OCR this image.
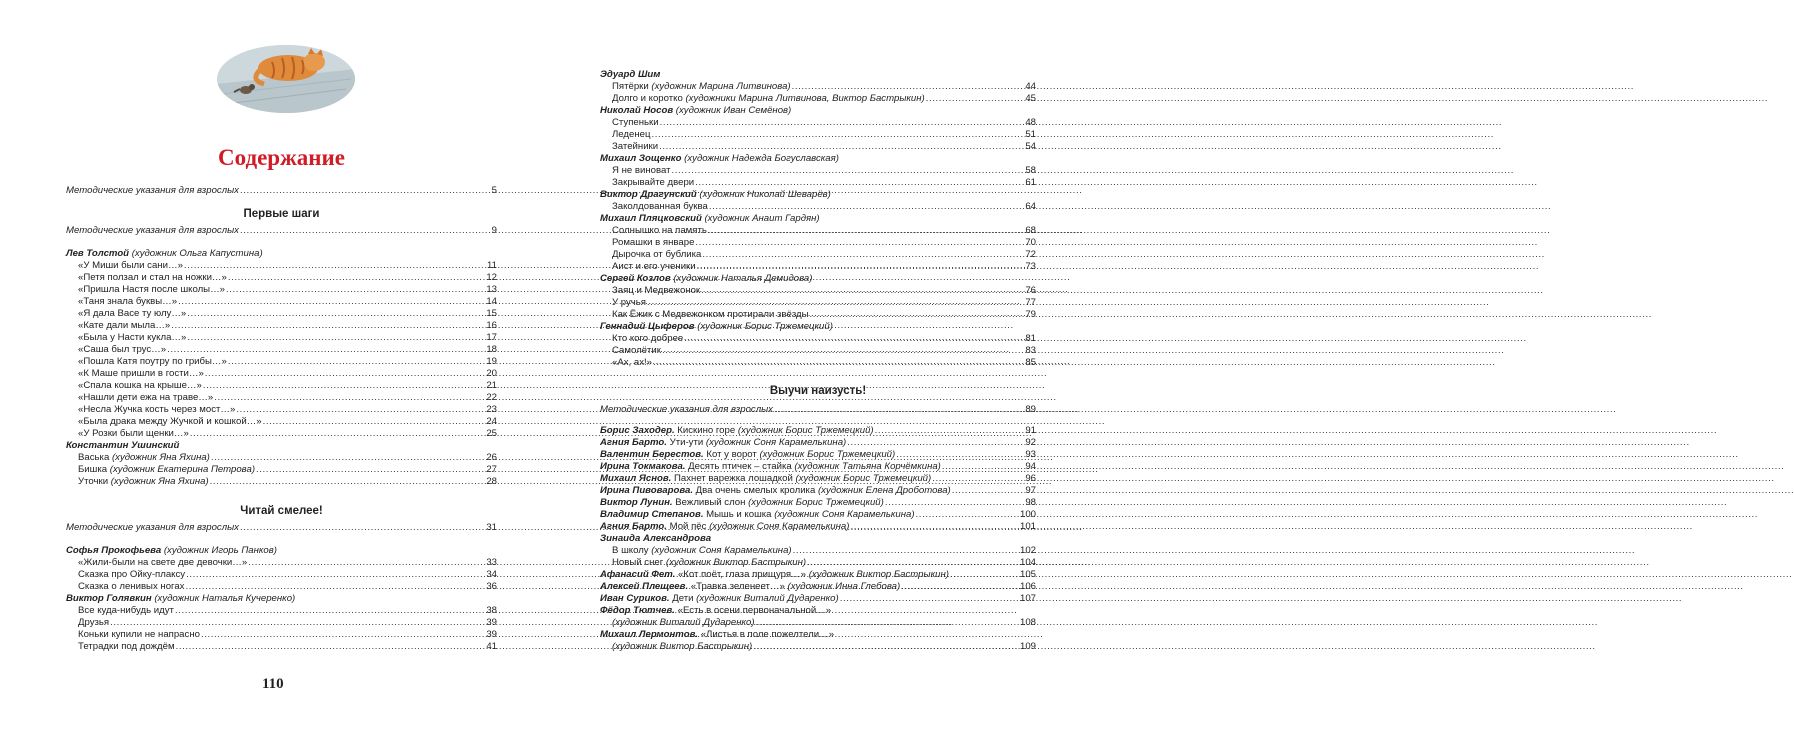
Содержание
Методические указания для взрослых .....	5
Первые шаги
Методические указания для взрослых .....	9
Лев Толстой (художник Ольга Капустина)
«У Миши были сани…» .....	11
«Петя ползал и стал на ножки…» .....	12
«Пришла Настя после школы…» .....	13
«Таня знала буквы…» .....	14
«Я дала Васе ту юлу…» .....	15
«Кате дали мыла…» .....	16
«Была у Насти кукла…» .....	17
«Саша был трус…» .....	18
«Пошла Катя поутру по грибы…» .....	19
«К Маше пришли в гости…» .....	20
«Спала кошка на крыше…» .....	21
«Нашли дети ежа на траве…» .....	22
«Несла Жучка кость через мост…» .....	23
«Была драка между Жучкой и кошкой…» .....	24
«У Розки были щенки…» .....	25
Константин Ушинский
Васька (художник Яна Яхина) .....	26
Бишка (художник Екатерина Петрова) .....	27
Уточки (художник Яна Яхина) .....	28
Читай смелее!
Методические указания для взрослых .....	31
Софья Прокофьева (художник Игорь Панков)
«Жили-были на свете две девочки…» .....	33
Сказка про Ойку-плаксу .....	34
Сказка о ленивых ногах .....	36
Виктор Голявкин (художник Наталья Кучеренко)
Все куда-нибудь идут .....	38
Друзья .....	39
Коньки купили не напрасно .....	39
Тетрадки под дождём .....	41
110
Эдуард Шим
Пятёрки (художник Марина Литвинова) .....	44
Долго и коротко (художники Марина Литвинова, Виктор Бастрыкин) .....	45
Николай Носов (художник Иван Семёнов)
Ступеньки .....	48
Леденец .....	51
Затейники .....	54
Михаил Зощенко (художник Надежда Богуславская)
Я не виноват .....	58
Закрывайте двери .....	61
Виктор Драгунский (художник Николай Шеварёв)
Заколдованная буква .....	64
Михаил Пляцковский (художник Анаит Гардян)
Солнышко на память .....	68
Ромашки в январе .....	70
Дырочка от бублика .....	72
Аист и его ученики .....	73
Сергей Козлов (художник Наталья Демидова)
Заяц и Медвежонок .....	76
У ручья .....	77
Как Ёжик с Медвежонком протирали звёзды .....	79
Геннадий Цыферов (художник Борис Тржемецкий)
Кто кого добрее .....	81
Самолётик .....	83
«Ах, ах!» .....	85
Выучи наизусть!
Методические указания для взрослых .....	89
Борис Заходер. Кискино горе (художник Борис Тржемецкий) .....	91
Агния Барто. Ути-ути (художник Соня Карамелькина) .....	92
Валентин Берестов. Кот у ворот (художник Борис Тржемецкий) .....	93
Ирина Токмакова. Десять птичек – стайка (художник Татьяна Корчёмкина) .....	94
Михаил Яснов. Пахнет варежка лошадкой (художник Борис Тржемецкий) .....	96
Ирина Пивоварова. Два очень смелых кролика (художник Елена Дроботова) .....	97
Виктор Лунин. Вежливый слон (художник Борис Тржемецкий) .....	98
Владимир Степанов. Мышь и кошка (художник Соня Карамелькина) .....	100
Агния Барто. Мой пёс (художник Соня Карамелькина) .....	101
Зинаида Александрова
В школу (художник Соня Карамелькина) .....	102
Новый снег (художник Виктор Бастрыкин) .....	104
Афанасий Фет. «Кот поёт, глаза прищуря…» (художник Виктор Бастрыкин) .....	105
Алексей Плещеев. «Травка зеленеет…» (художник Инна Глебова) .....	106
Иван Суриков. Дети (художник Виталий Дударенко) .....	107
Фёдор Тютчев. «Есть в осени первоначальной…»
(художник Виталий Дударенко) .....	108
Михаил Лермонтов. «Листья в поле пожелтели…»
(художник Виктор Бастрыкин) .....	109
